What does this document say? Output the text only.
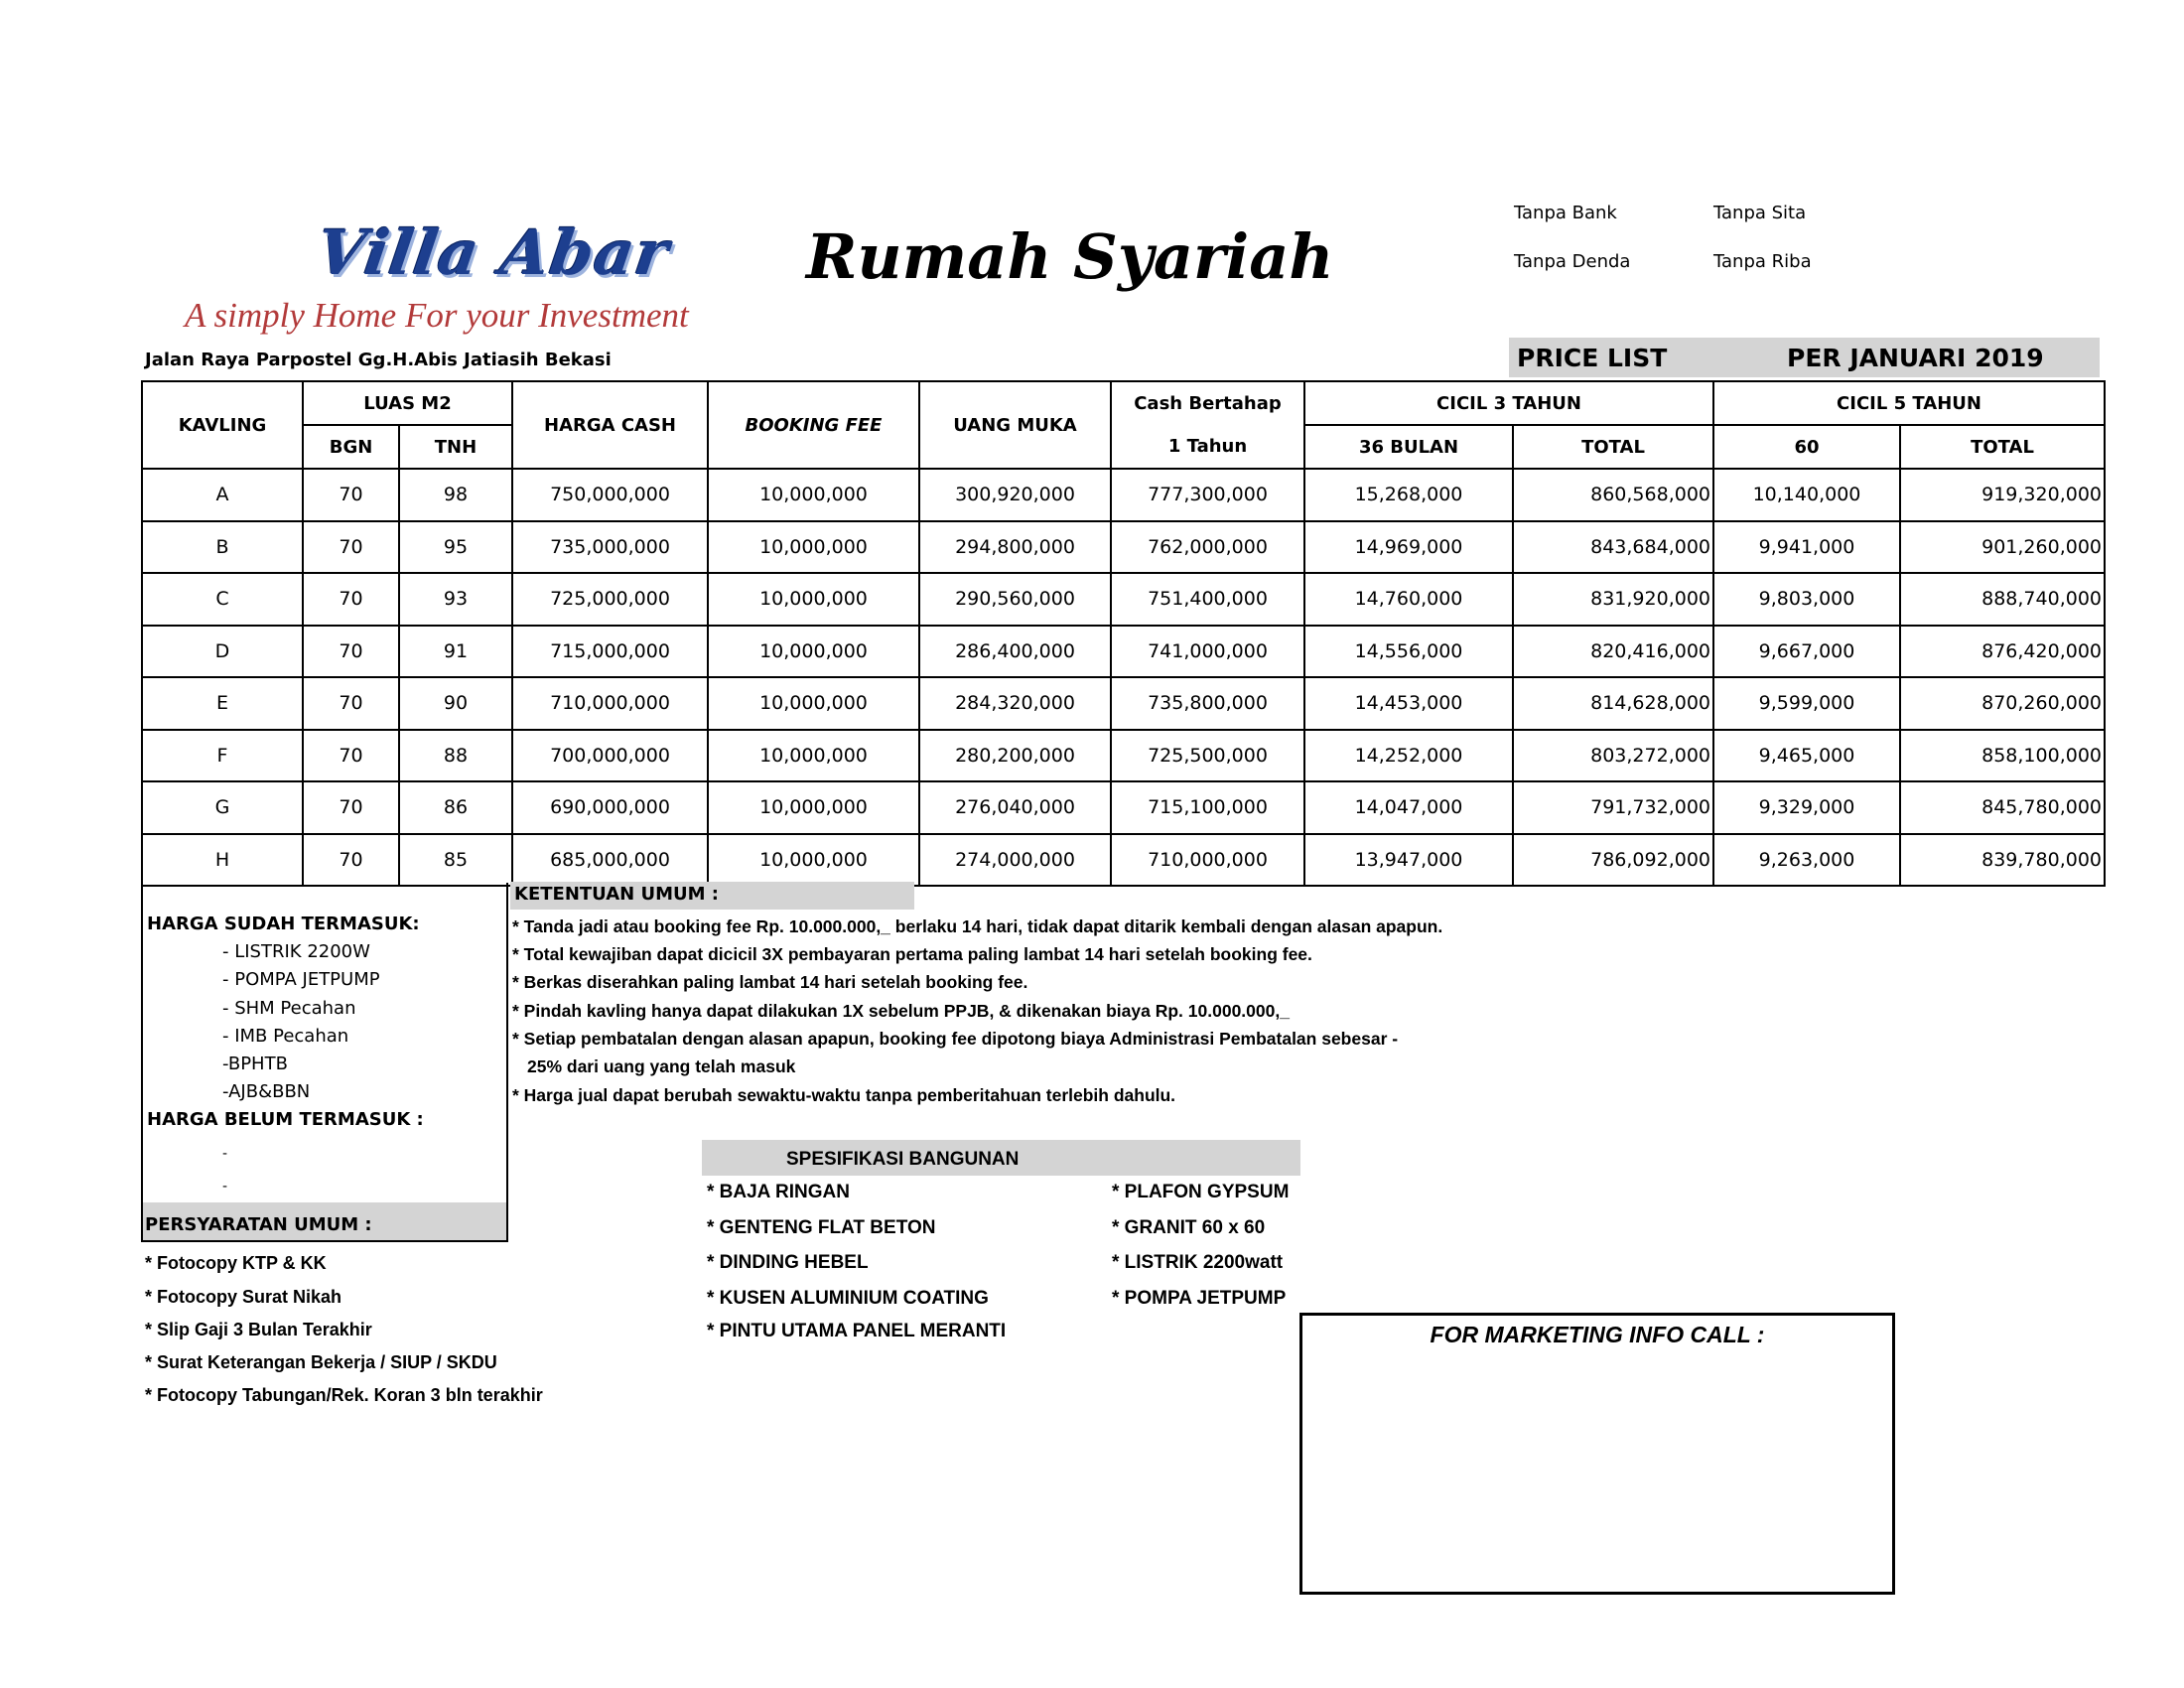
Villa Abar
A simply Home For your Investment
Rumah Syariah
Tanpa Bank	Tanpa Sita
Tanpa Denda	Tanpa Riba
Jalan Raya Parpostel Gg.H.Abis Jatiasih Bekasi	PRICE LIST	PER JANUARI 2019
KAVLING	LUAS M2		HARGA CASH	BOOKING FEE	UANG MUKA	Cash Bertahap	CICIL 3 TAHUN		CICIL 5 TAHUN	
	BGN	TNH				1 Tahun	36 BULAN	TOTAL	60	TOTAL
A	70	98	750,000,000	10,000,000	300,920,000	777,300,000	15,268,000	860,568,000	10,140,000	919,320,000
B	70	95	735,000,000	10,000,000	294,800,000	762,000,000	14,969,000	843,684,000	9,941,000	901,260,000
C	70	93	725,000,000	10,000,000	290,560,000	751,400,000	14,760,000	831,920,000	9,803,000	888,740,000
D	70	91	715,000,000	10,000,000	286,400,000	741,000,000	14,556,000	820,416,000	9,667,000	876,420,000
E	70	90	710,000,000	10,000,000	284,320,000	735,800,000	14,453,000	814,628,000	9,599,000	870,260,000
F	70	88	700,000,000	10,000,000	280,200,000	725,500,000	14,252,000	803,272,000	9,465,000	858,100,000
G	70	86	690,000,000	10,000,000	276,040,000	715,100,000	14,047,000	791,732,000	9,329,000	845,780,000
H	70	85	685,000,000	10,000,000	274,000,000	710,000,000	13,947,000	786,092,000	9,263,000	839,780,000
HARGA SUDAH TERMASUK:
- LISTRIK 2200W
- POMPA JETPUMP
- SHM Pecahan
- IMB Pecahan
-BPHTB
-AJB&BBN
HARGA BELUM TERMASUK :
-
-
PERSYARATAN UMUM :
* Fotocopy KTP & KK
* Fotocopy Surat Nikah
* Slip Gaji 3 Bulan Terakhir
* Surat Keterangan Bekerja / SIUP / SKDU
* Fotocopy Tabungan/Rek. Koran 3 bln terakhir
KETENTUAN UMUM :
* Tanda jadi atau booking fee Rp. 10.000.000,_ berlaku 14 hari, tidak dapat ditarik kembali dengan alasan apapun.
* Total kewajiban dapat dicicil 3X pembayaran pertama paling lambat 14 hari setelah booking fee.
* Berkas diserahkan paling lambat 14 hari setelah booking fee.
* Pindah kavling hanya dapat dilakukan 1X sebelum PPJB, & dikenakan biaya Rp. 10.000.000,_
* Setiap pembatalan dengan alasan apapun, booking fee dipotong biaya Administrasi Pembatalan sebesar -
25% dari uang yang telah masuk
* Harga jual dapat berubah sewaktu-waktu tanpa pemberitahuan terlebih dahulu.
SPESIFIKASI BANGUNAN
* BAJA RINGAN
* GENTENG FLAT BETON
* DINDING HEBEL
* KUSEN ALUMINIUM COATING
* PINTU UTAMA PANEL MERANTI
* PLAFON GYPSUM
* GRANIT 60 x 60
* LISTRIK 2200watt
* POMPA JETPUMP
FOR MARKETING INFO CALL :
